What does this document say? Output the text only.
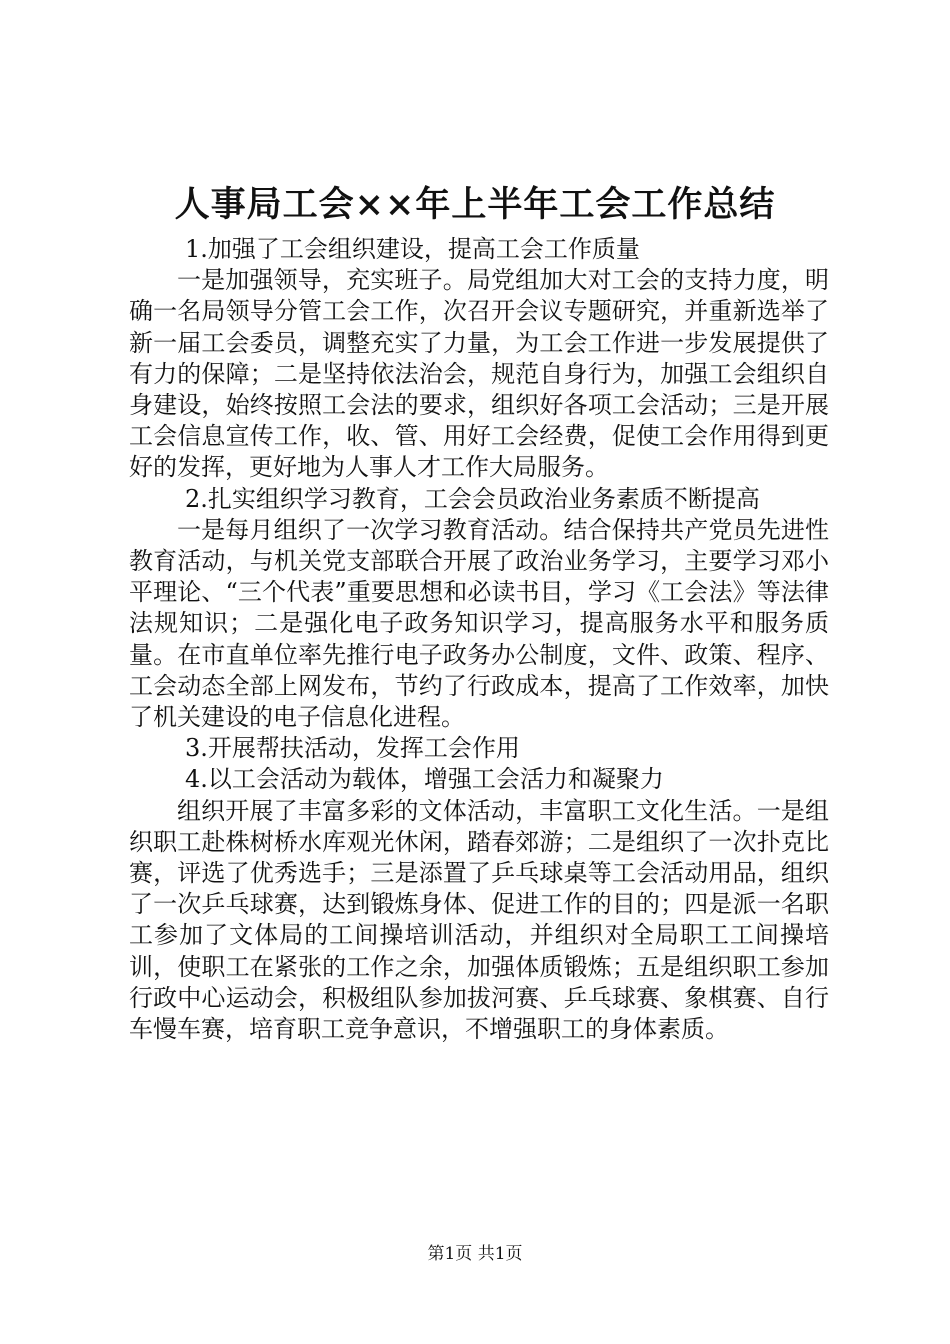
人事局工会××年上半年工会工作总结
1.加强了工会组织建设，提高工会工作质量
一是加强领导，充实班子。局党组加大对工会的支持力度，明确一名局领导分管工会工作，次召开会议专题研究，并重新选举了新一届工会委员，调整充实了力量，为工会工作进一步发展提供了有力的保障；二是坚持依法治会，规范自身行为，加强工会组织自身建设，始终按照工会法的要求，组织好各项工会活动；三是开展工会信息宣传工作，收、管、用好工会经费，促使工会作用得到更好的发挥，更好地为人事人才工作大局服务。
2.扎实组织学习教育，工会会员政治业务素质不断提高
一是每月组织了一次学习教育活动。结合保持共产党员先进性教育活动，与机关党支部联合开展了政治业务学习，主要学习邓小平理论、“三个代表”重要思想和必读书目，学习《工会法》等法律法规知识；二是强化电子政务知识学习，提高服务水平和服务质量。在市直单位率先推行电子政务办公制度，文件、政策、程序、工会动态全部上网发布，节约了行政成本，提高了工作效率，加快了机关建设的电子信息化进程。
3.开展帮扶活动，发挥工会作用
4.以工会活动为载体，增强工会活力和凝聚力
组织开展了丰富多彩的文体活动，丰富职工文化生活。一是组织职工赴株树桥水库观光休闲，踏春郊游；二是组织了一次扑克比赛，评选了优秀选手；三是添置了乒乓球桌等工会活动用品，组织了一次乒乓球赛，达到锻炼身体、促进工作的目的；四是派一名职工参加了文体局的工间操培训活动，并组织对全局职工工间操培训，使职工在紧张的工作之余，加强体质锻炼；五是组织职工参加行政中心运动会，积极组队参加拔河赛、乒乓球赛、象棋赛、自行车慢车赛，培育职工竞争意识，不增强职工的身体素质。
第1页 共1页
